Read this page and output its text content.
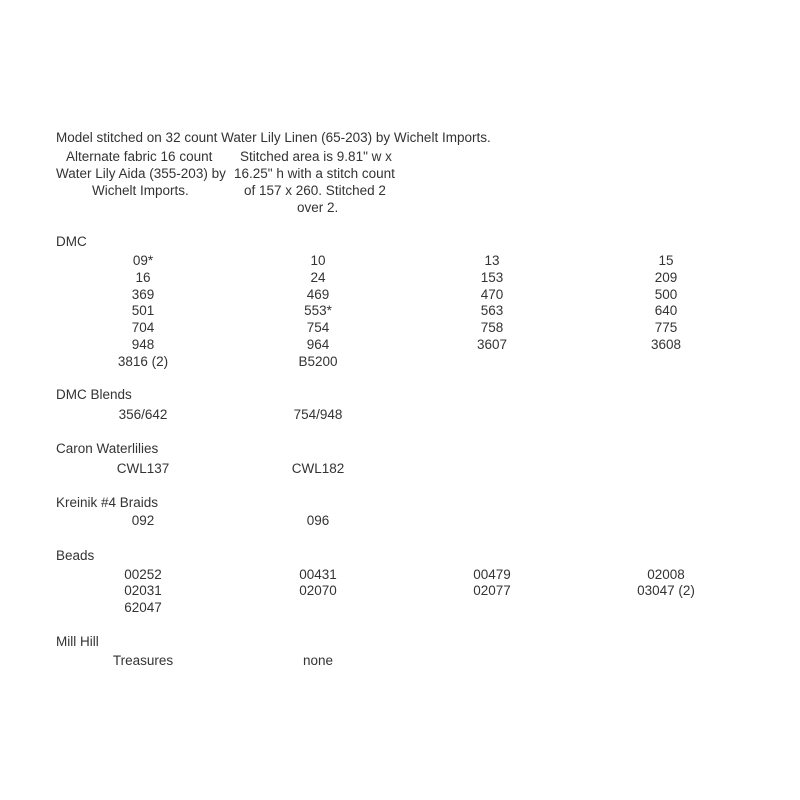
Model stitched on 32 count Water Lily Linen (65-203) by Wichelt Imports.
Alternate fabric 16 count
Water Lily Aida (355-203) by
Wichelt Imports.
Stitched area is 9.81" w x
16.25" h with a stitch count
of 157 x 260. Stitched 2
over 2.
DMC
09*	10	13	15
16	24	153	209
369	469	470	500
501	553*	563	640
704	754	758	775
948	964	3607	3608
3816 (2)	B5200
DMC Blends
356/642	754/948
Caron Waterlilies
CWL137	CWL182
Kreinik #4 Braids
092	096
Beads
00252	00431	00479	02008
02031	02070	02077	03047 (2)
62047
Mill Hill
Treasures	none
